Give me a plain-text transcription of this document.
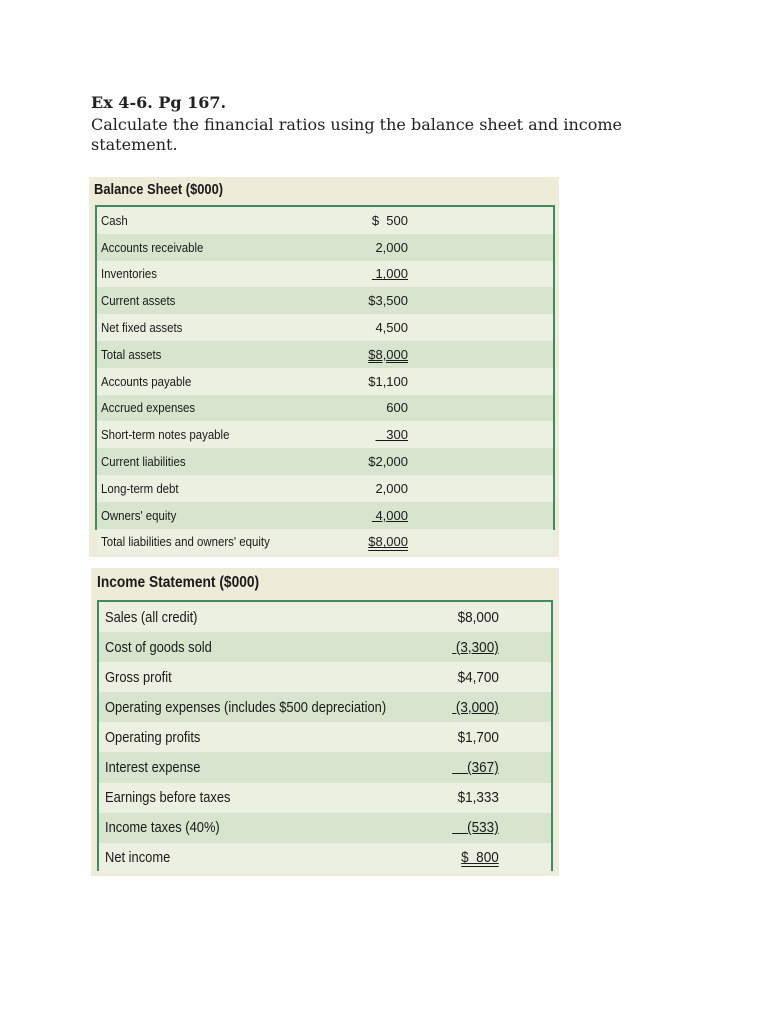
Ex 4-6. Pg 167.
Calculate the financial ratios using the balance sheet and income statement.
Balance Sheet ($000)
Cash	$  500
Accounts receivable	2,000
Inventories	1,000
Current assets	$3,500
Net fixed assets	4,500
Total assets	$8,000
Accounts payable	$1,100
Accrued expenses	600
Short-term notes payable	300
Current liabilities	$2,000
Long-term debt	2,000
Owners' equity	4,000
Total liabilities and owners' equity	$8,000
Income Statement ($000)
Sales (all credit)	$8,000
Cost of goods sold	(3,300)
Gross profit	$4,700
Operating expenses (includes $500 depreciation)	(3,000)
Operating profits	$1,700
Interest expense	(367)
Earnings before taxes	$1,333
Income taxes (40%)	(533)
Net income	$  800
